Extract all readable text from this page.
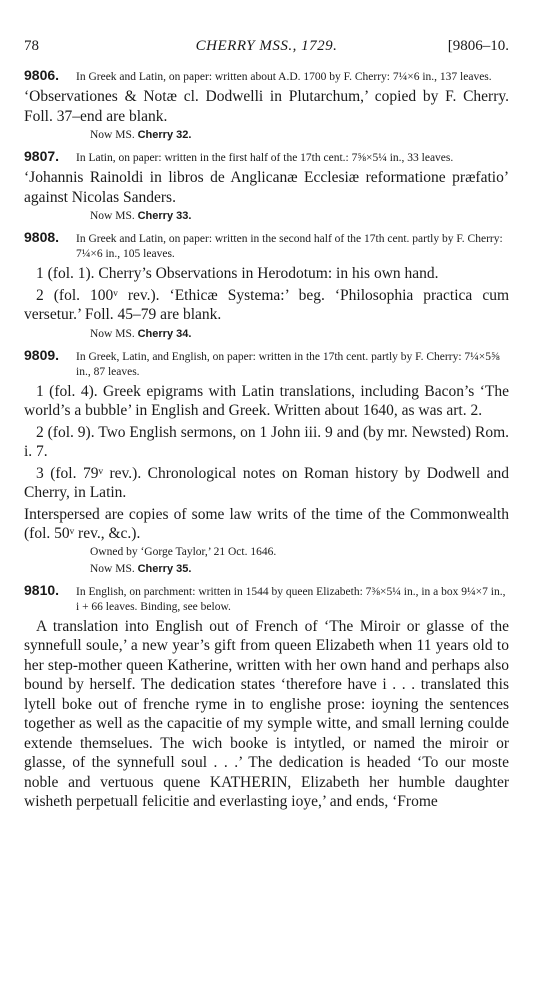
78	CHERRY MSS., 1729.	[9806–10.
9806. In Greek and Latin, on paper: written about A.D. 1700 by F. Cherry: 7¼×6 in., 137 leaves.

‘Observationes & Notæ cl. Dodwelli in Plutarchum,’ copied by F. Cherry. Foll. 37–end are blank.

Now MS. Cherry 32.
9807. In Latin, on paper: written in the first half of the 17th cent.: 7⅝×5¼ in., 33 leaves.

‘Johannis Rainoldi in libros de Anglicanæ Ecclesiæ reformatione præfatio’ against Nicolas Sanders.

Now MS. Cherry 33.
9808. In Greek and Latin, on paper: written in the second half of the 17th cent. partly by F. Cherry: 7¼×6 in., 105 leaves.

1 (fol. 1). Cherry’s Observations in Herodotum: in his own hand.

2 (fol. 100ᵛ rev.). ‘Ethicæ Systema:’ beg. ‘Philosophia practica cum versetur.’ Foll. 45–79 are blank.

Now MS. Cherry 34.
9809. In Greek, Latin, and English, on paper: written in the 17th cent. partly by F. Cherry: 7¼×5⅝ in., 87 leaves.

1 (fol. 4). Greek epigrams with Latin translations, including Bacon’s ‘The world’s a bubble’ in English and Greek. Written about 1640, as was art. 2.

2 (fol. 9). Two English sermons, on 1 John iii. 9 and (by mr. Newsted) Rom. i. 7.

3 (fol. 79ᵛ rev.). Chronological notes on Roman history by Dodwell and Cherry, in Latin.

Interspersed are copies of some law writs of the time of the Commonwealth (fol. 50ᵛ rev., &c.).

Owned by ‘Gorge Taylor,’ 21 Oct. 1646.
Now MS. Cherry 35.
9810. In English, on parchment: written in 1544 by queen Elizabeth: 7⅜×5¼ in., in a box 9¼×7 in., i + 66 leaves. Binding, see below.

A translation into English out of French of ‘The Miroir or glasse of the synnefull soule,’ a new year’s gift from queen Elizabeth when 11 years old to her step-mother queen Katherine, written with her own hand and perhaps also bound by herself. The dedication states ‘therefore have i . . . translated this lytell boke out of frenche ryme in to englishe prose: ioyning the sentences together as well as the capacitie of my symple witte, and small lerning coulde extende themselues. The wich booke is intytled, or named the miroir or glasse, of the synnefull soul . . .’ The dedication is headed ‘To our moste noble and vertuous quene KATHERIN, Elizabeth her humble daughter wisheth perpetuall felicitie and everlasting ioye,’ and ends, ‘Frome
